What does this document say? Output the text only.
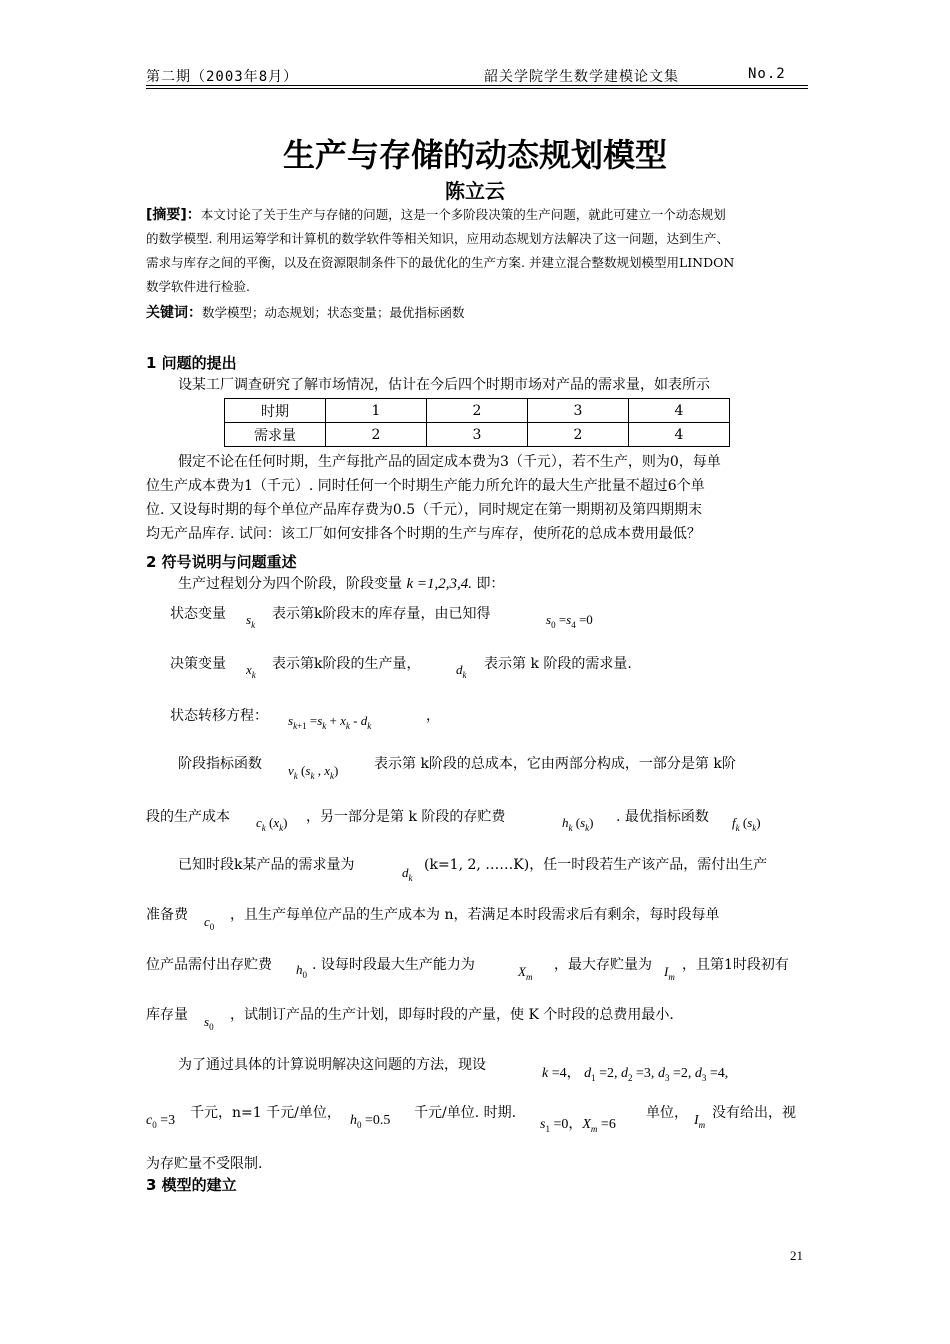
第二期（2003年8月）	韶关学院学生数学建模论文集	No.2
生产与存储的动态规划模型
陈立云
[摘要]：本文讨论了关于生产与存储的问题，这是一个多阶段决策的生产问题，就此可建立一个动态规划
的数学模型. 利用运筹学和计算机的数学软件等相关知识，应用动态规划方法解决了这一问题，达到生产、
需求与库存之间的平衡，以及在资源限制条件下的最优化的生产方案. 并建立混合整数规划模型用LINDON
数学软件进行检验.
关键词：数学模型；动态规划；状态变量；最优指标函数
1 问题的提出
设某工厂调查研究了解市场情况，估计在今后四个时期市场对产品的需求量，如表所示
时期	1	2	3	4
需求量	2	3	2	4
假定不论在任何时期，生产每批产品的固定成本费为3（千元），若不生产，则为0，每单
位生产成本费为1（千元）. 同时任何一个时期生产能力所允许的最大生产批量不超过6个单
位. 又设每时期的每个单位产品库存费为0.5（千元），同时规定在第一期期初及第四期期末
均无产品库存. 试问：该工厂如何安排各个时期的生产与库存，使所花的总成本费用最低？
2 符号说明与问题重述
生产过程划分为四个阶段，阶段变量 k =1,2,3,4. 即：
状态变量 $s_k$
表示第k阶段末的库存量，由已知得	$s_0 =s_4 =0$
决策变量 $x_k$
表示第k阶段的生产量，	$d_k$
表示第 k 阶段的需求量.
状态转移方程： $s_{k+1} =s_k + x_k - d_k$
，
阶段指标函数 $v_k$ ($s_k$ , $x_k$)	表示第 k阶段的总成本，它由两部分构成，一部分是第 k阶
段的生产成本 $c_k$ $(x_k)$ ，另一部分是第 k 阶段的存贮费	$h_k$ $(s_k)$ . 最优指标函数 $f_k$ $(s_k)$
已知时段k某产品的需求量为	$d_k$
(k=1, 2, ……K)，任一时段若生产该产品，需付出生产
准备费 $c_0$
，且生产每单位产品的生产成本为 n，若满足本时段需求后有剩余，每时段每单
位产品需付出存贮费 $h_0$
. 设每时段最大生产能力为	$X_m$
，最大存贮量为 $I_m$
，且第1时段初有
库存量 $s_0$
，试制订产品的生产计划，即每时段的产量，使 K 个时段的总费用最小.
为了通过具体的计算说明解决这问题的方法，现设
k =4， $d_1 =2$, $d_2 =3$, $d_3 =2$, $d_3 =4$,
$c_0 =3$ 千元，n=1 千元/单位， $h_0 =0.5$ 千元/单位. 时期.
$s_1 =0$，$X_m =6$
单位， $I_m$
没有给出，视
为存贮量不受限制.
3 模型的建立
21
